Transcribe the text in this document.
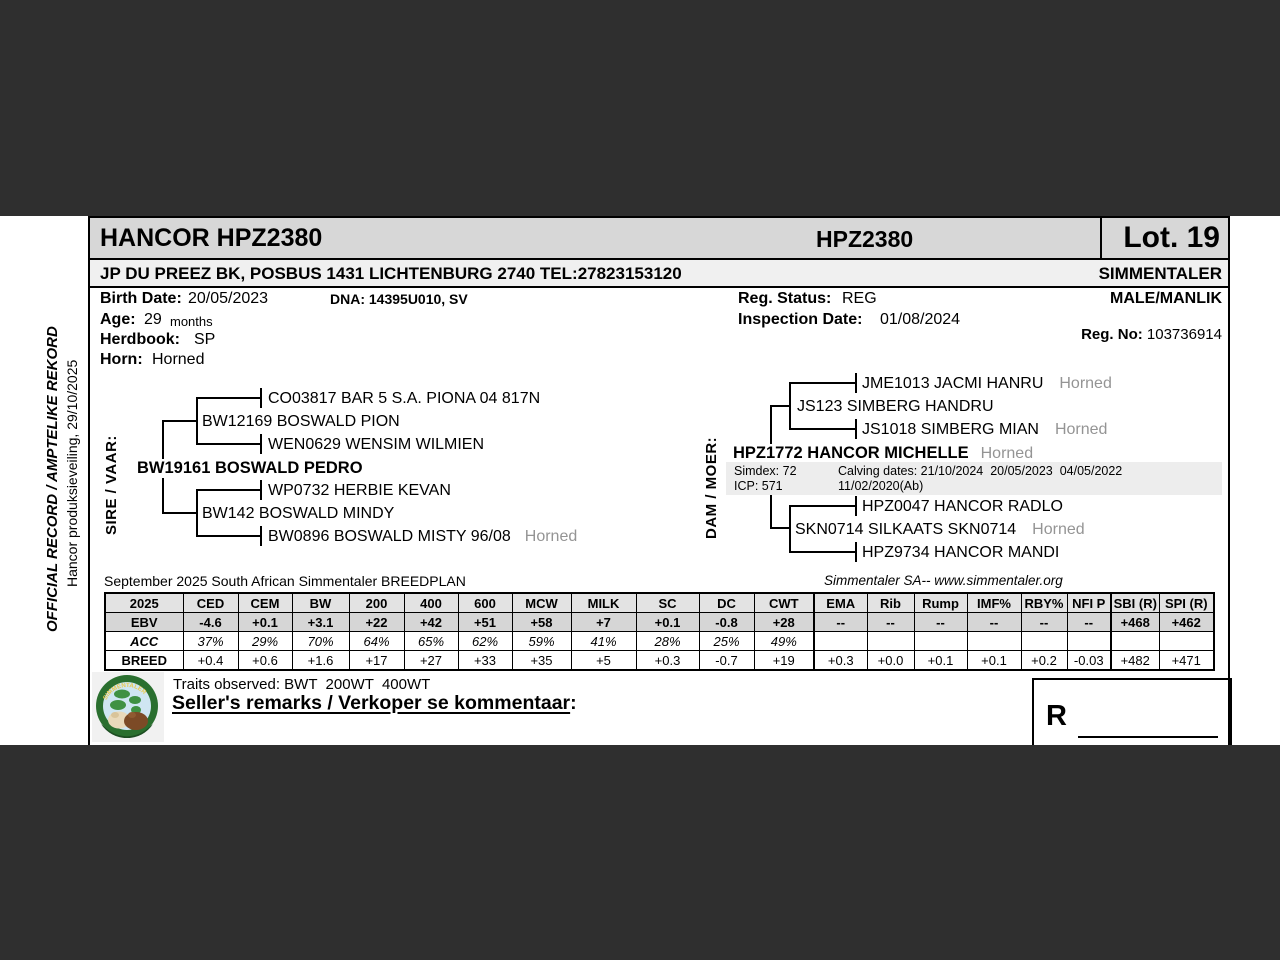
OFFICIAL RECORD / AMPTELIKE REKORD Hancor produksieveiling, 29/10/2025
HANCOR HPZ2380	HPZ2380	Lot. 19
JP DU PREEZ BK, POSBUS 1431 LICHTENBURG 2740 TEL:27823153120	SIMMENTALER
Birth Date: 20/05/2023	DNA: 14395U010, SV	Reg. Status: REG	MALE/MANLIK
Age: 29 months	Inspection Date: 01/08/2024
Herdbook: SP	Reg. No: 103736914
Horn: Horned
SIRE / VAAR:
CO03817 BAR 5 S.A. PIONA 04 817N
BW12169 BOSWALD PION
WEN0629 WENSIM WILMIEN
BW19161 BOSWALD PEDRO
WP0732 HERBIE KEVAN
BW142 BOSWALD MINDY
BW0896 BOSWALD MISTY 96/08 Horned	DAM / MOER:
JME1013 JACMI HANRU Horned
JS123 SIMBERG HANDRU
JS1018 SIMBERG MIAN Horned
HPZ1772 HANCOR MICHELLE Horned
Simdex: 72	Calving dates: 21/10/2024  20/05/2023  04/05/2022
ICP: 571	11/02/2020(Ab)
HPZ0047 HANCOR RADLO
SKN0714 SILKAATS SKN0714 Horned
HPZ9734 HANCOR MANDI
September 2025 South African Simmentaler BREEDPLAN	Simmentaler SA-- www.simmentaler.org
2025	CED	CEM	BW	200	400	600	MCW	MILK	SC	DC	CWT	EMA	Rib	Rump	IMF%	RBY%	NFI P	SBI (R)	SPI (R)
EBV	-4.6	+0.1	+3.1	+22	+42	+51	+58	+7	+0.1	-0.8	+28	--	--	--	--	--	--	+468	+462
ACC	37%	29%	70%	64%	65%	62%	59%	41%	28%	25%	49%								
BREED	+0.4	+0.6	+1.6	+17	+27	+33	+35	+5	+0.3	-0.7	+19	+0.3	+0.0	+0.1	+0.1	+0.2	-0.03	+482	+471
SIMMENTALER Traits observed: BWT  200WT  400WT
Seller's remarks / Verkoper se kommentaar:	R
